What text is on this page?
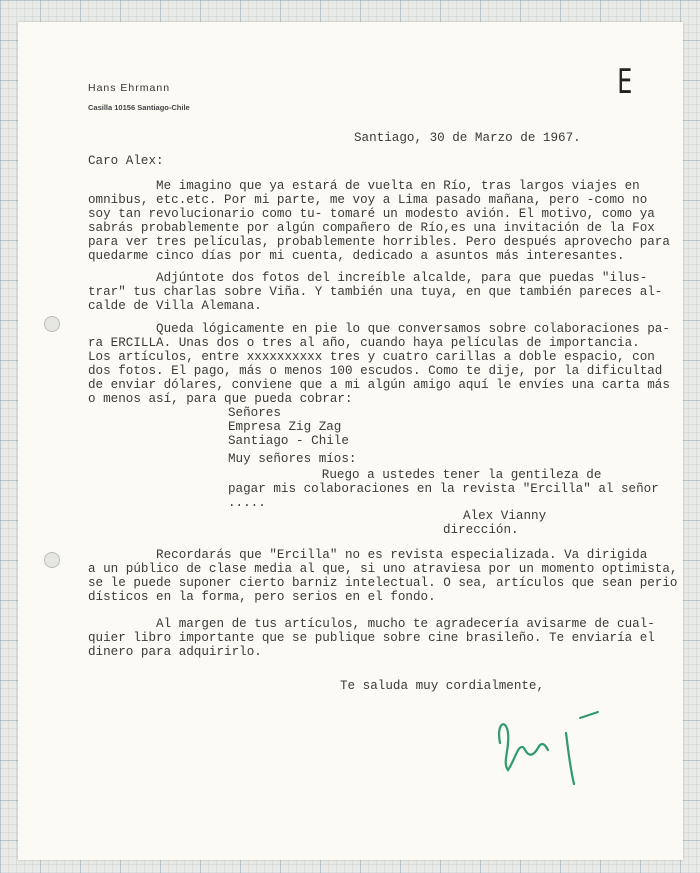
Hans Ehrmann
Casilla 10156 Santiago-Chile
E
Santiago, 30 de Marzo de 1967.
Caro Alex:
Me imagino que ya estará de vuelta en Río, tras largos viajes en
omnibus, etc.etc. Por mi parte, me voy a Lima pasado mañana, pero -como no
soy tan revolucionario como tu- tomaré un modesto avión. El motivo, como ya
sabrás probablemente por algún compañero de Río,es una invitación de la Fox
para ver tres películas, probablemente horribles. Pero después aprovecho para
quedarme cinco días por mi cuenta, dedicado a asuntos más interesantes.
Adjúntote dos fotos del increíble alcalde, para que puedas "ilus-
trar" tus charlas sobre Viña. Y también una tuya, en que también pareces al-
calde de Villa Alemana.
Queda lógicamente en pie lo que conversamos sobre colaboraciones pa-
ra ERCILLA. Unas dos o tres al año, cuando haya películas de importancia.
Los artículos, entre xxxxxxxxxx tres y cuatro carillas a doble espacio, con
dos fotos. El pago, más o menos 100 escudos. Como te dije, por la dificultad
de enviar dólares, conviene que a mi algún amigo aquí le envíes una carta más
o menos así, para que pueda cobrar:
Señores
Empresa Zig Zag
Santiago - Chile
Muy señores míos:
Ruego a ustedes tener la gentileza de
pagar mis colaboraciones en la revista "Ercilla" al señor
.....
Alex Vianny
dirección.
Recordarás que "Ercilla" no es revista especializada. Va dirigida
a un público de clase media al que, si uno atraviesa por un momento optimista,
se le puede suponer cierto barniz intelectual. O sea, artículos que sean perio
dísticos en la forma, pero serios en el fondo.
Al margen de tus artículos, mucho te agradecería avisarme de cual-
quier libro importante que se publique sobre cine brasileño. Te enviaría el
dinero para adquirirlo.
Te saluda muy cordialmente,
